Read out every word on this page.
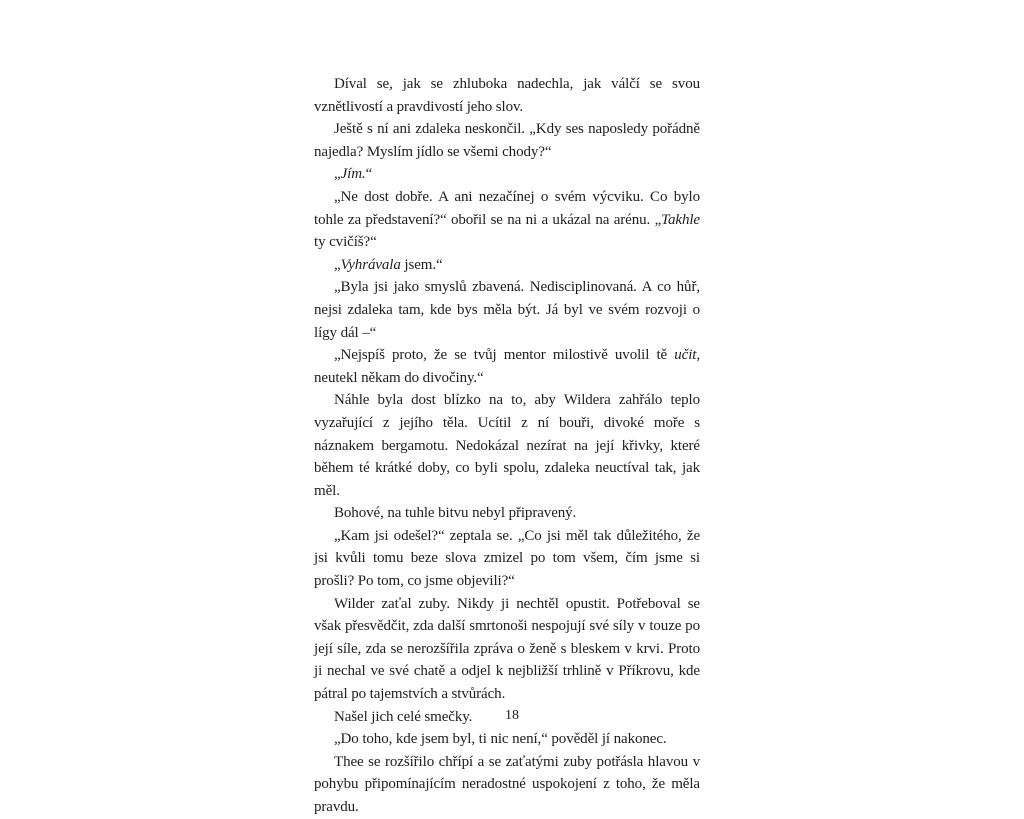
Díval se, jak se zhluboka nadechla, jak válčí se svou vznětlivostí a pravdivostí jeho slov.

Ještě s ní ani zdaleka neskončil. „Kdy ses naposledy pořádně najedla? Myslím jídlo se všemi chody?“

„Jím.“

„Ne dost dobře. A ani nezačínej o svém výcviku. Co bylo tohle za představení?“ obořil se na ni a ukázal na arénu. „Takhle ty cvičíš?“

„Vyhrávala jsem.“

„Byla jsi jako smyslů zbavená. Nedisciplinovaná. A co hůř, nejsi zdaleka tam, kde bys měla být. Já byl ve svém rozvoji o lígy dál –“

„Nejspíš proto, že se tvůj mentor milostivě uvolil tě učit, neutekl někam do divočiny.“

Náhle byla dost blízko na to, aby Wildera zahřálo teplo vyzařující z jejího těla. Ucítil z ní bouři, divoké moře s náznakem bergamotu. Nedokázal nezírat na její křivky, které během té krátké doby, co byli spolu, zdaleka neuctíval tak, jak měl.

Bohové, na tuhle bitvu nebyl připravený.

„Kam jsi odešel?“ zeptala se. „Co jsi měl tak důležitého, že jsi kvůli tomu beze slova zmizel po tom všem, čím jsme si prošli? Po tom, co jsme objevili?“

Wilder zaťal zuby. Nikdy ji nechtěl opustit. Potřeboval se však přesvědčit, zda další smrtonoši nespojují své síly v touze po její síle, zda se nerozšířila zpráva o ženě s bleskem v krvi. Proto ji nechal ve své chatě a odjel k nejbližší trhlině v Příkrovu, kde pátral po tajemstvích a stvůrách.

Našel jich celé smečky.

„Do toho, kde jsem byl, ti nic není,“ pověděl jí nakonec.

Thee se rozšířilo chřípí a se zaťatými zuby potřásla hlavou v pohybu připomínajícím neradostné uspokojení z toho, že měla pravdu.

18
